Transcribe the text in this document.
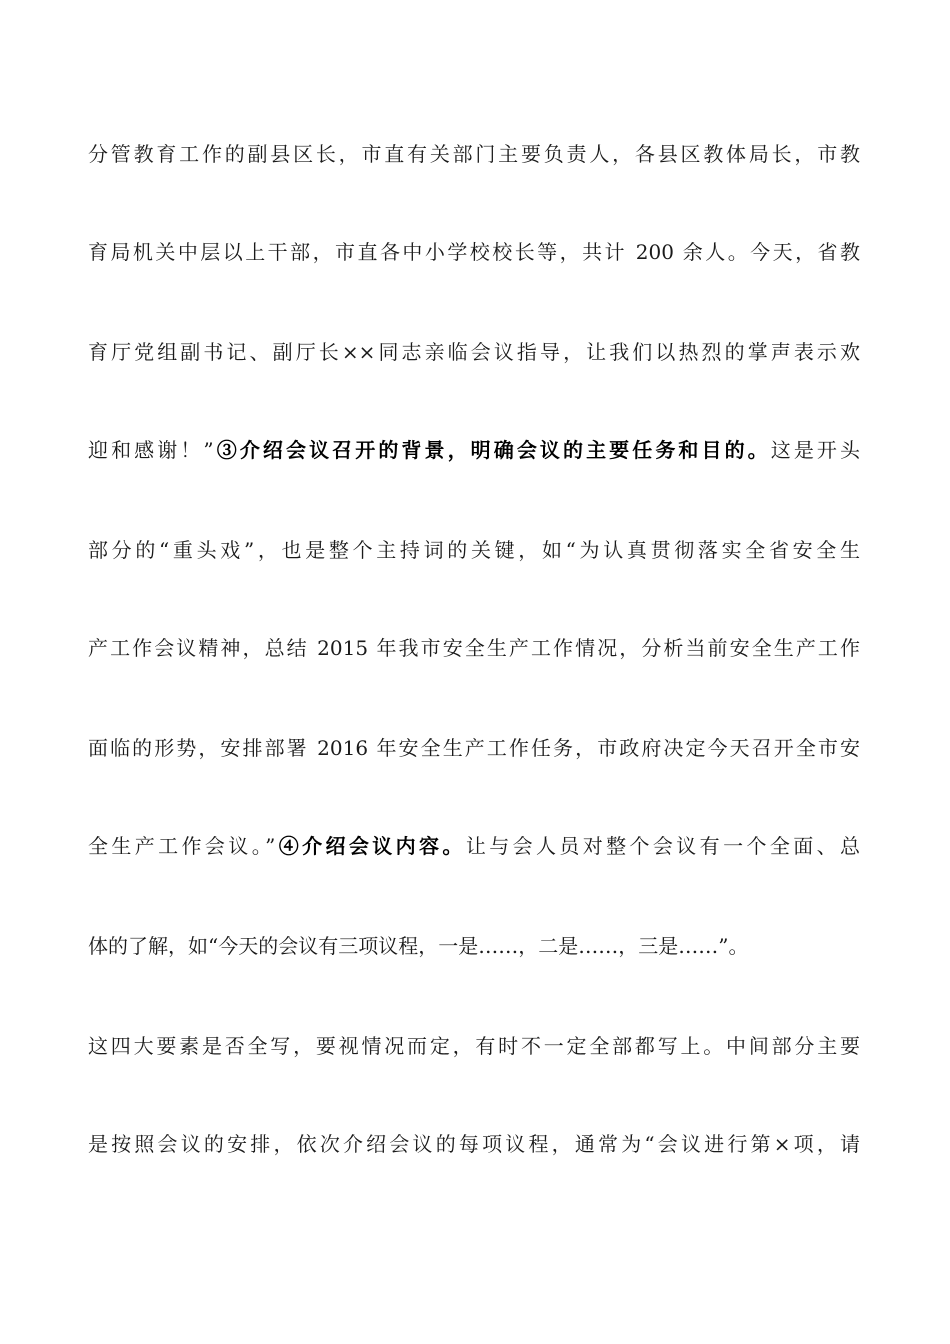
分管教育工作的副县区长，市直有关部门主要负责人，各县区教体局长，市教

育局机关中层以上干部，市直各中小学校校长等，共计 200 余人。今天，省教

育厅党组副书记、副厅长××同志亲临会议指导，让我们以热烈的掌声表示欢

迎和感谢！”③介绍会议召开的背景，明确会议的主要任务和目的。这是开头

部分的“重头戏”，也是整个主持词的关键，如“为认真贯彻落实全省安全生

产工作会议精神，总结 2015 年我市安全生产工作情况，分析当前安全生产工作

面临的形势，安排部署 2016 年安全生产工作任务，市政府决定今天召开全市安

全生产工作会议。”④介绍会议内容。让与会人员对整个会议有一个全面、总

体的了解，如“今天的会议有三项议程，一是……，二是……，三是……”。

这四大要素是否全写，要视情况而定，有时不一定全部都写上。中间部分主要

是按照会议的安排，依次介绍会议的每项议程，通常为“会议进行第×项，请
